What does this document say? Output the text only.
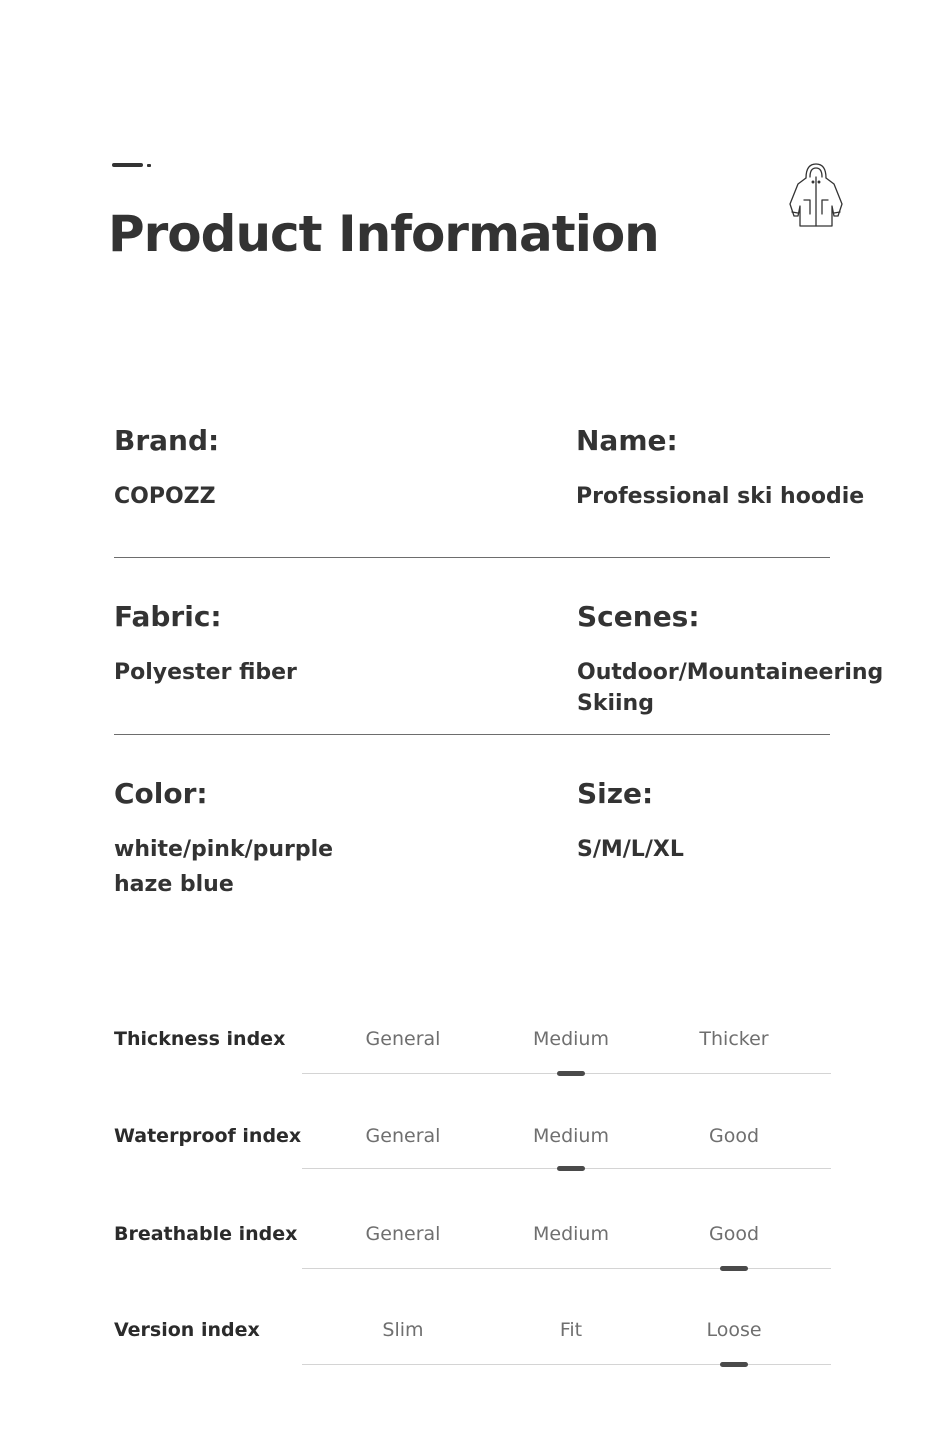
Product Information
Brand:
COPOZZ
Name:
Professional ski hoodie
Fabric:
Polyester fiber
Scenes:
Outdoor/Mountaineering
Skiing
Color:
white/pink/purple
haze blue
Size:
S/M/L/XL
Thickness index	General	Medium	Thicker
Waterproof index	General	Medium	Good
Breathable index	General	Medium	Good
Version index	Slim	Fit	Loose
